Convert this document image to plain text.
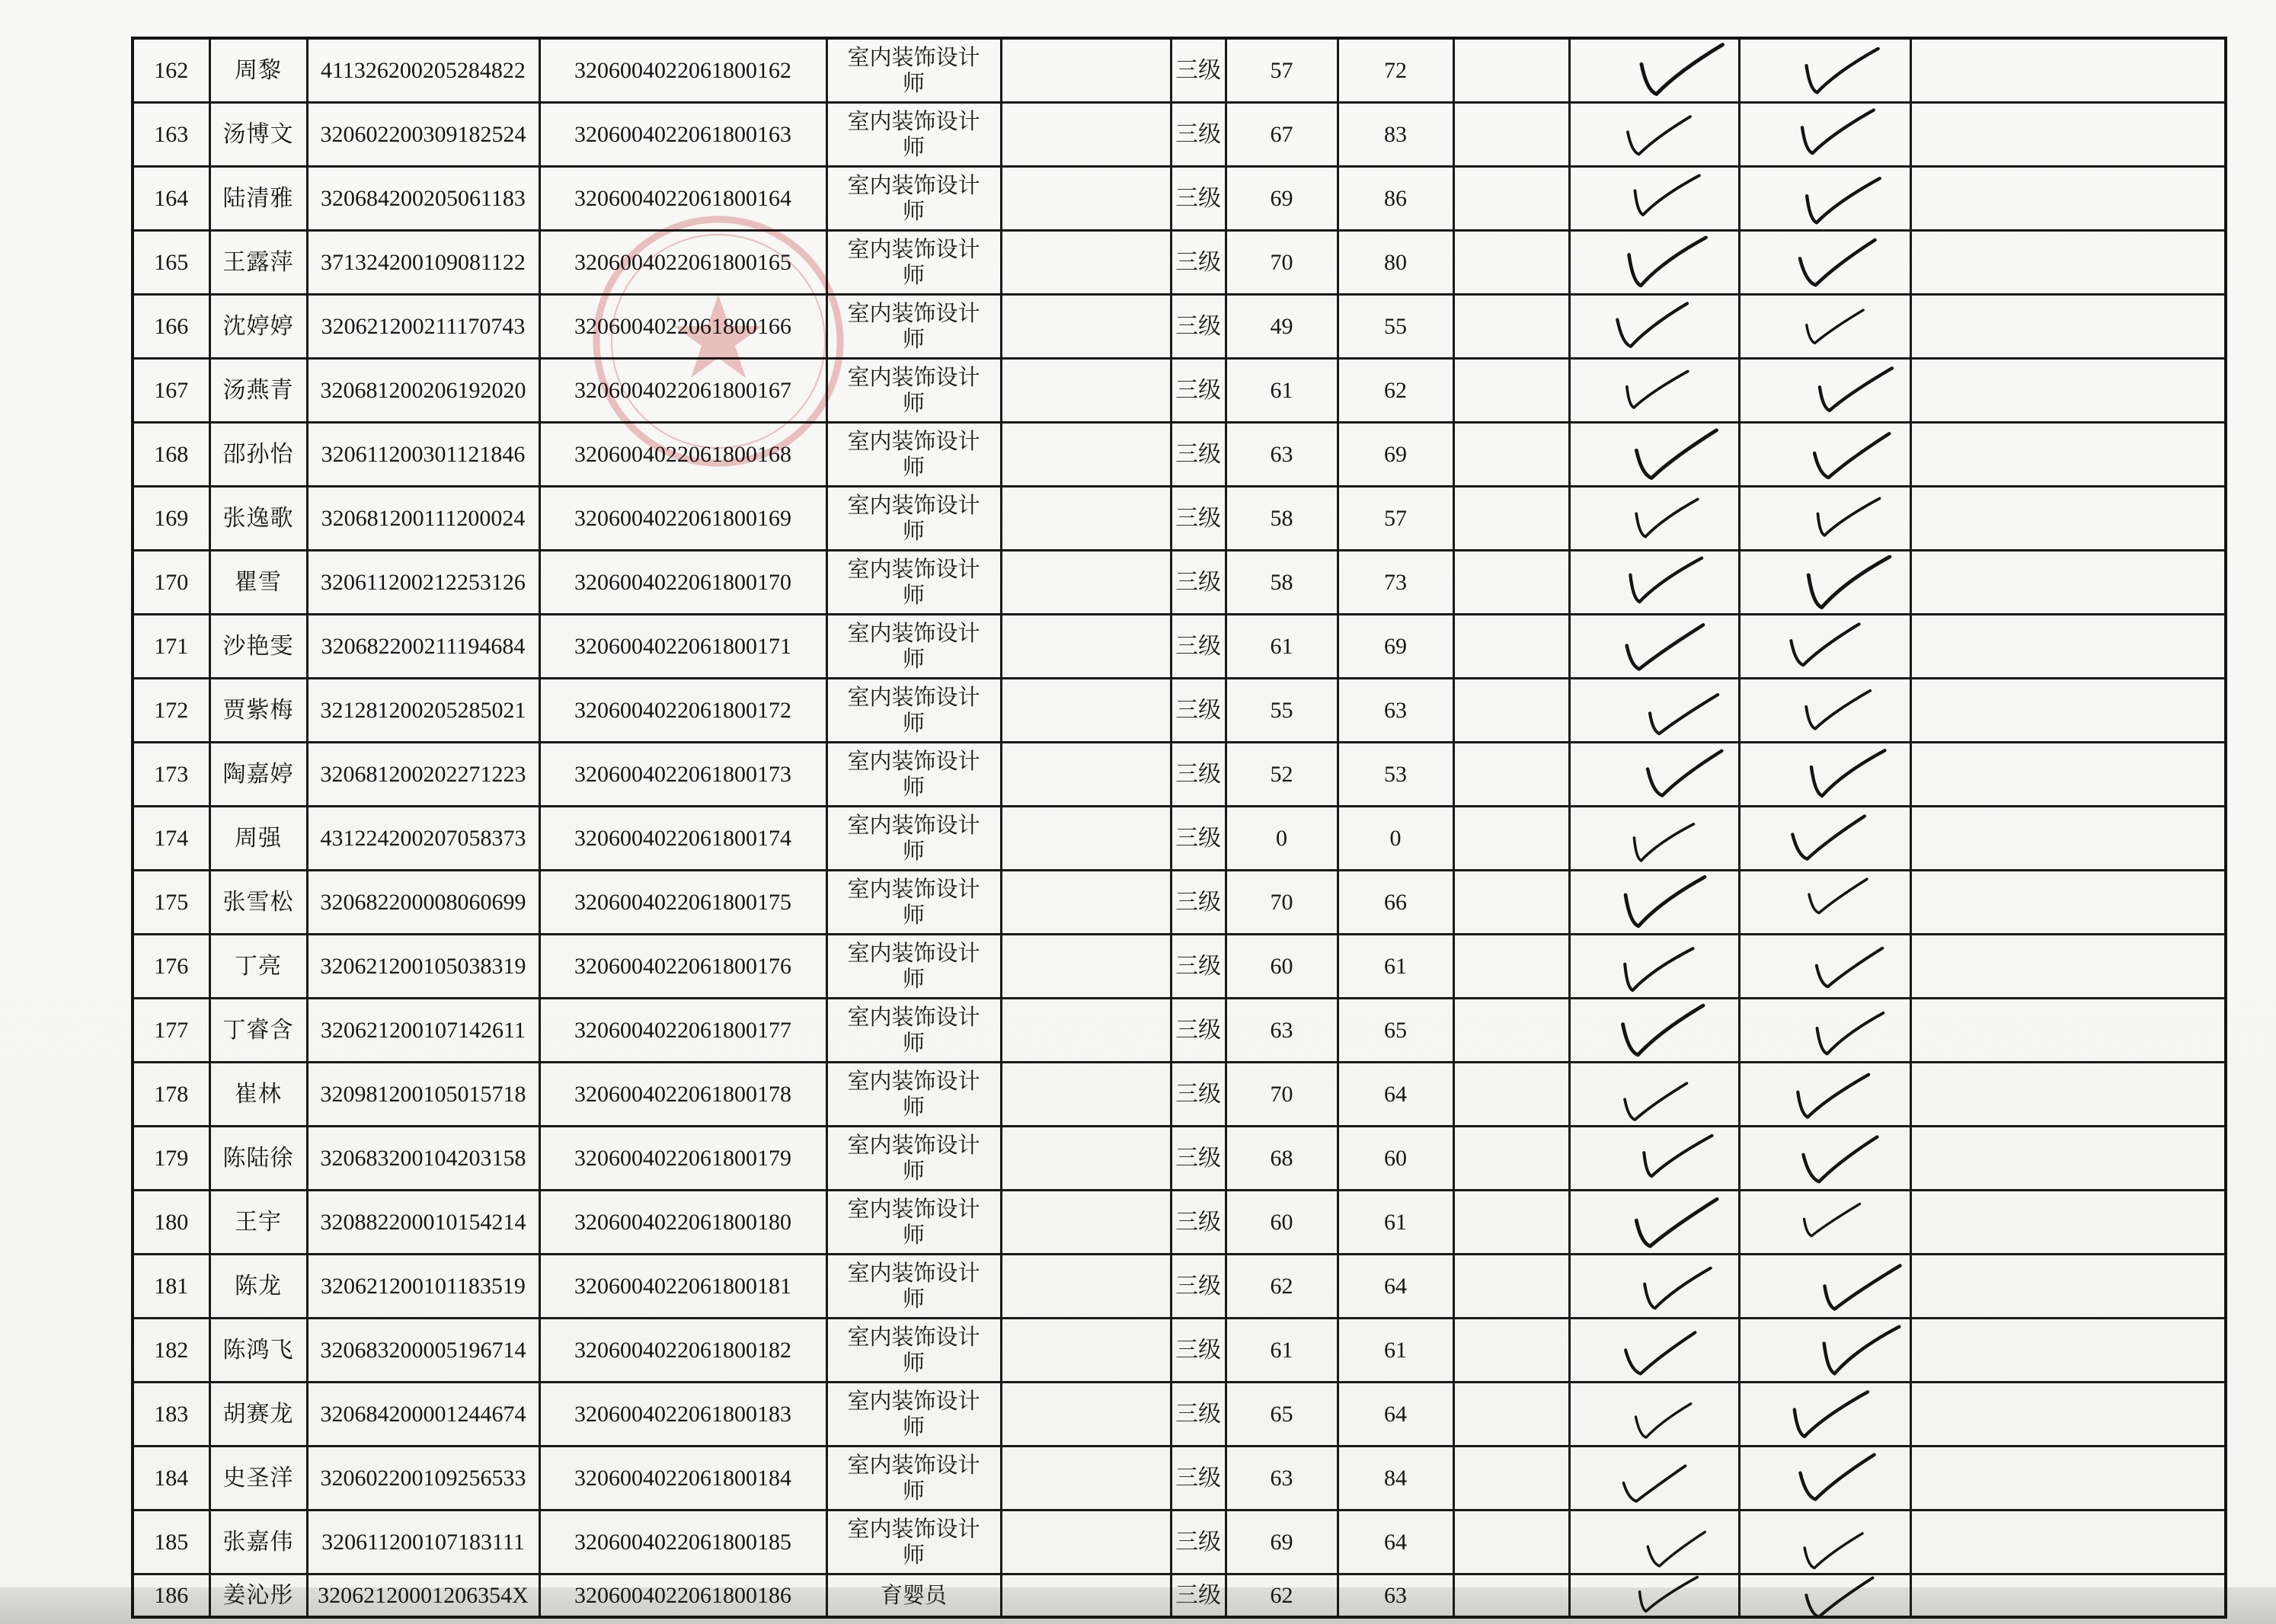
162	周黎	411326200205284822	3206004022061800162	室内装饰设计师		三级	57	72		

163	汤博文	320602200309182524	3206004022061800163	室内装饰设计师		三级	67	83		

164	陆清雅	320684200205061183	3206004022061800164	室内装饰设计师		三级	69	86		

165	王露萍	371324200109081122	3206004022061800165	室内装饰设计师		三级	70	80		

166	沈婷婷	320621200211170743	3206004022061800166	室内装饰设计师		三级	49	55		

167	汤燕青	320681200206192020	3206004022061800167	室内装饰设计师		三级	61	62		

168	邵孙怡	320611200301121846	3206004022061800168	室内装饰设计师		三级	63	69		

169	张逸歌	320681200111200024	3206004022061800169	室内装饰设计师		三级	58	57		

170	瞿雪	320611200212253126	3206004022061800170	室内装饰设计师		三级	58	73		

171	沙艳雯	320682200211194684	3206004022061800171	室内装饰设计师		三级	61	69		

172	贾紫梅	321281200205285021	3206004022061800172	室内装饰设计师		三级	55	63		

173	陶嘉婷	320681200202271223	3206004022061800173	室内装饰设计师		三级	52	53		

174	周强	431224200207058373	3206004022061800174	室内装饰设计师		三级	0	0		

175	张雪松	320682200008060699	3206004022061800175	室内装饰设计师		三级	70	66		

176	丁亮	320621200105038319	3206004022061800176	室内装饰设计师		三级	60	61		

177	丁睿含	320621200107142611	3206004022061800177	室内装饰设计师		三级	63	65		

178	崔林	320981200105015718	3206004022061800178	室内装饰设计师		三级	70	64		

179	陈陆徐	320683200104203158	3206004022061800179	室内装饰设计师		三级	68	60		

180	王宇	320882200010154214	3206004022061800180	室内装饰设计师		三级	60	61		

181	陈龙	320621200101183519	3206004022061800181	室内装饰设计师		三级	62	64		

182	陈鸿飞	320683200005196714	3206004022061800182	室内装饰设计师		三级	61	61		

183	胡赛龙	320684200001244674	3206004022061800183	室内装饰设计师		三级	65	64		

184	史圣洋	320602200109256533	3206004022061800184	室内装饰设计师		三级	63	84		

185	张嘉伟	320611200107183111	3206004022061800185	室内装饰设计师		三级	69	64		

186	姜沁彤	32062120001206354X	3206004022061800186	育婴员		三级	62	63		
